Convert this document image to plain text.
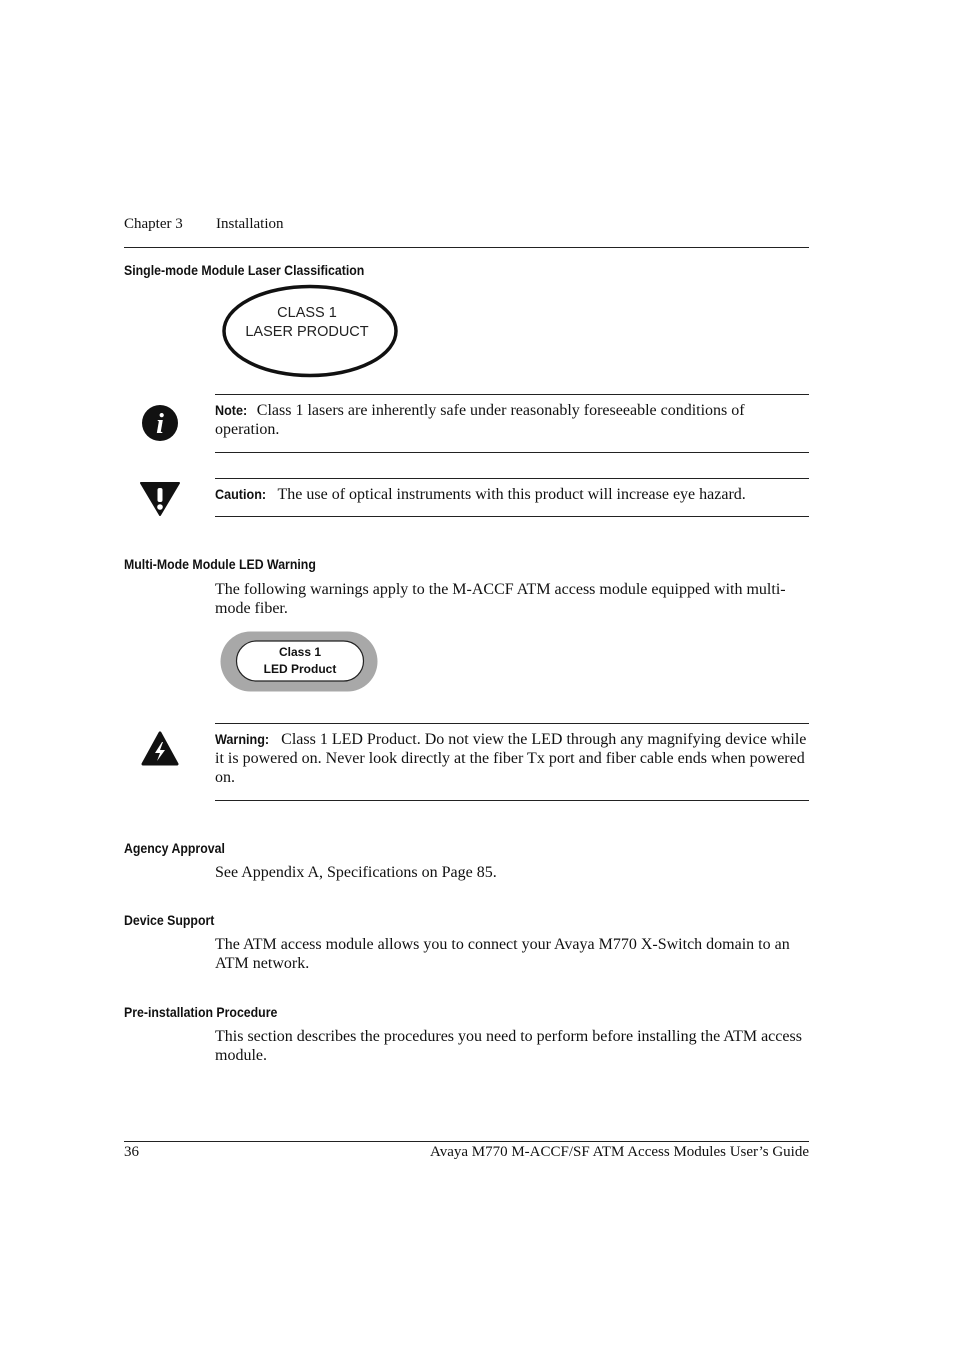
Chapter 3 Installation
Single-mode Module Laser Classification
CLASS 1
LASER PRODUCT
i	Note: Class 1 lasers are inherently safe under reasonably foreseeable conditions of operation.
Caution: The use of optical instruments with this product will increase eye hazard.
Multi-Mode Module LED Warning
The following warnings apply to the M-ACCF ATM access module equipped with multi-mode fiber.
Class 1
LED Product
Warning: Class 1 LED Product. Do not view the LED through any magnifying device while it is powered on. Never look directly at the fiber Tx port and fiber cable ends when powered on.
Agency Approval
See Appendix A, Specifications on Page 85.
Device Support
The ATM access module allows you to connect your Avaya M770 X-Switch domain to an ATM network.
Pre-installation Procedure
This section describes the procedures you need to perform before installing the ATM access module.
36	Avaya M770 M-ACCF/SF ATM Access Modules User’s Guide
